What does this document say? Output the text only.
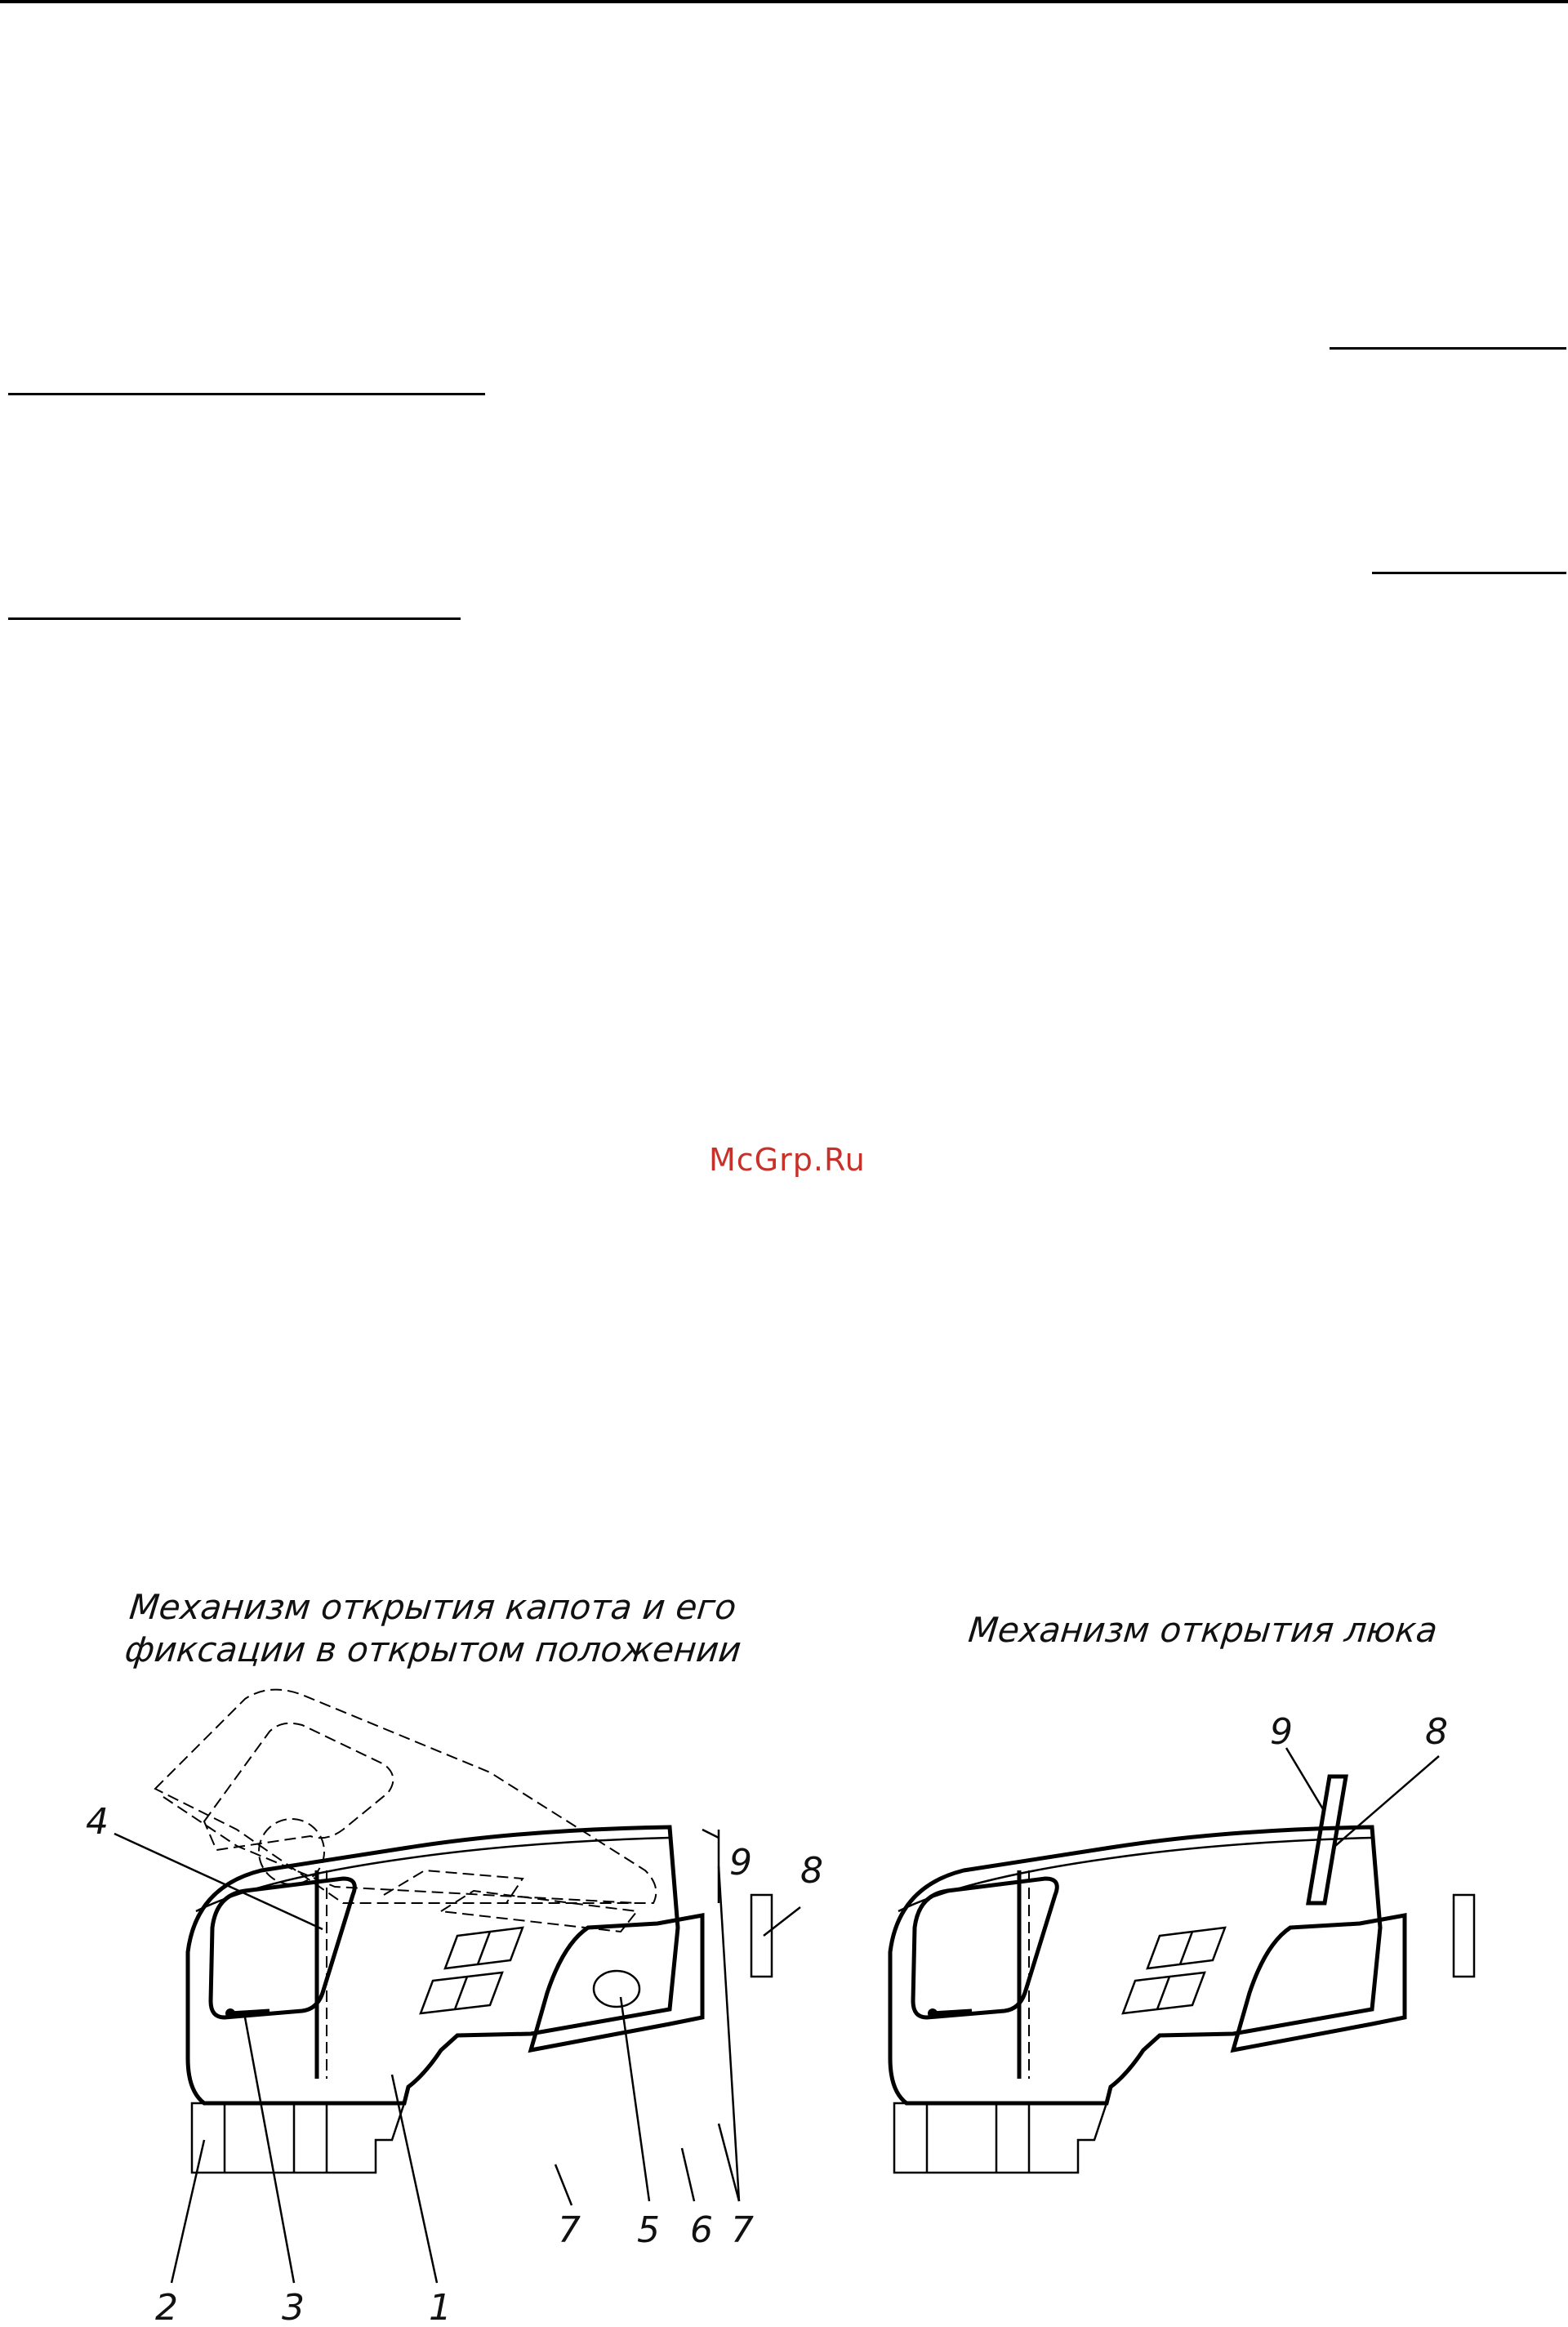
McGrp.Ru
Механизм открытия капота и его
фиксации в открытом положении	Механизм открытия люка
4
9 8
7 5 6 7
2	3	1
9	8
